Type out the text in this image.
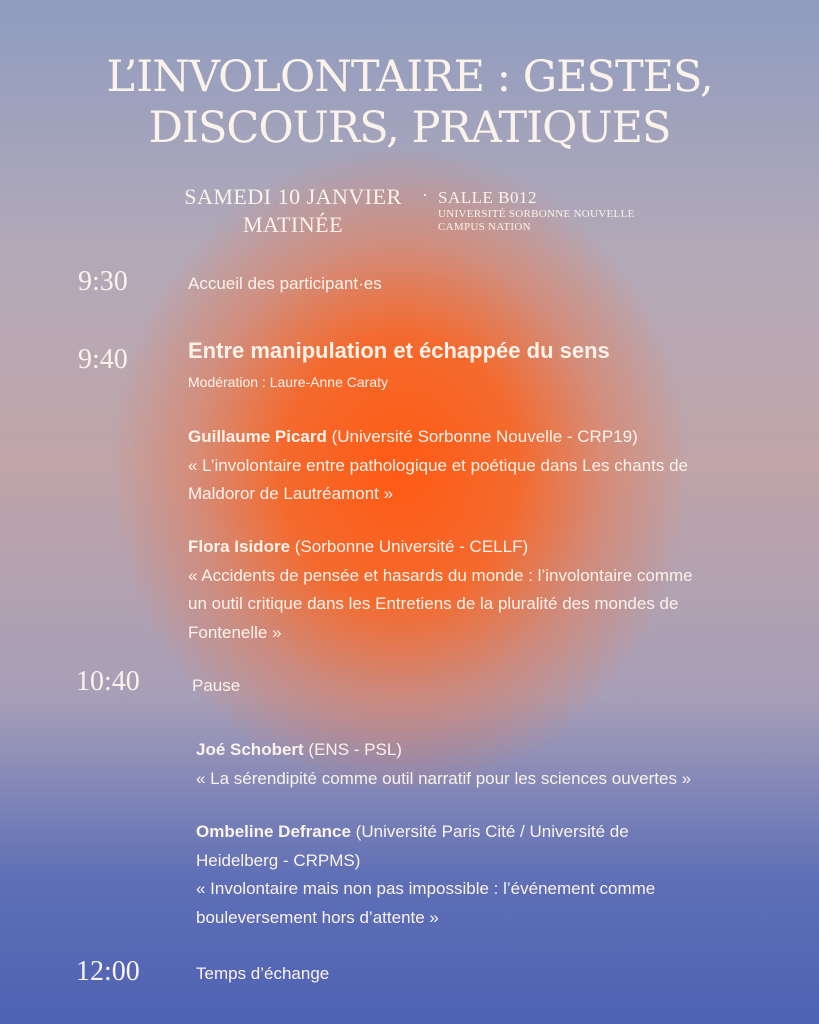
L’INVOLONTAIRE : GESTES,
DISCOURS, PRATIQUES
SAMEDI 10 JANVIER
MATINÉE
· SALLE B012
UNIVERSITÉ SORBONNE NOUVELLE
CAMPUS NATION
9:30	Accueil des participant·es
9:40	Entre manipulation et échappée du sens
Modération : Laure-Anne Caraty
Guillaume Picard (Université Sorbonne Nouvelle - CRP19)
« L’involontaire entre pathologique et poétique dans Les chants de
Maldoror de Lautréamont »
Flora Isidore (Sorbonne Université - CELLF)
« Accidents de pensée et hasards du monde : l’involontaire comme
un outil critique dans les Entretiens de la pluralité des mondes de
Fontenelle »
10:40	Pause
Joé Schobert (ENS - PSL)
« La sérendipité comme outil narratif pour les sciences ouvertes »
Ombeline Defrance (Université Paris Cité / Université de
Heidelberg - CRPMS)
« Involontaire mais non pas impossible : l’événement comme
bouleversement hors d’attente »
12:00	Temps d’échange
